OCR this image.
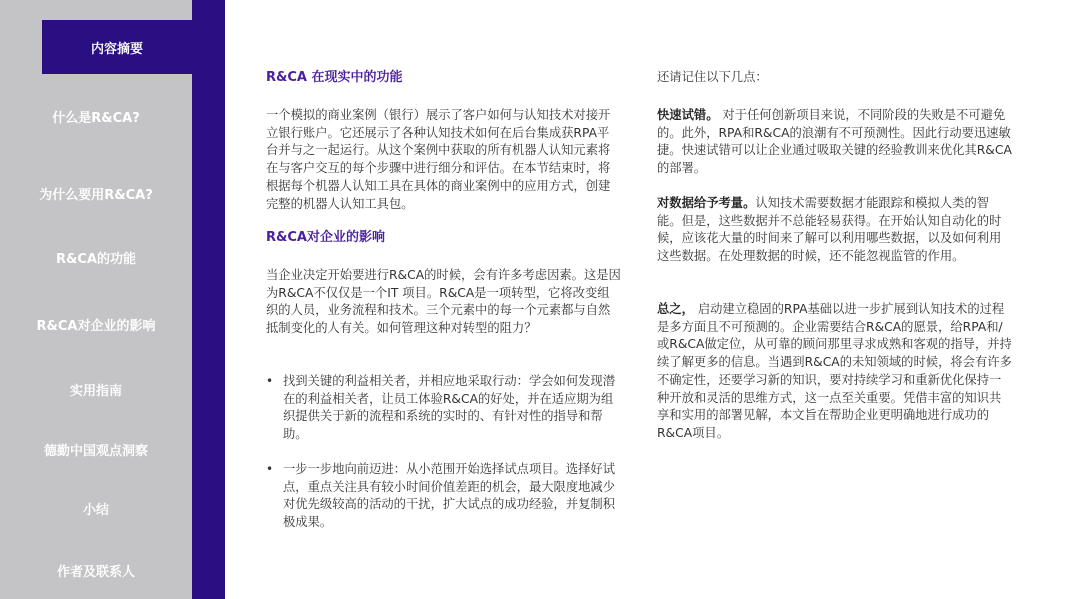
内容摘要
什么是R&CA?
为什么要用R&CA?
R&CA的功能
R&CA对企业的影响
实用指南
德勤中国观点洞察
小结
作者及联系人
R&CA 在现实中的功能

一个模拟的商业案例（银行）展示了客户如何与认知技术对接开立银行账户。它还展示了各种认知技术如何在后台集成获RPA平台并与之一起运行。从这个案例中获取的所有机器人认知元素将在与客户交互的每个步骤中进行细分和评估。在本节结束时，将根据每个机器人认知工具在具体的商业案例中的应用方式，创建完整的机器人认知工具包。

R&CA对企业的影响

当企业决定开始要进行R&CA的时候，会有许多考虑因素。这是因为R&CA不仅仅是一个IT 项目。R&CA是一项转型，它将改变组织的人员，业务流程和技术。三个元素中的每一个元素都与自然抵制变化的人有关。如何管理这种对转型的阻力？

• 找到关键的利益相关者，并相应地采取行动：学会如何发现潜在的利益相关者，让员工体验R&CA的好处，并在适应期为组织提供关于新的流程和系统的实时的、有针对性的指导和帮助。

• 一步一步地向前迈进：从小范围开始选择试点项目。选择好试点，重点关注具有较小时间价值差距的机会，最大限度地减少对优先级较高的活动的干扰，扩大试点的成功经验，并复制积极成果。

还请记住以下几点：

快速试错。 对于任何创新项目来说，不同阶段的失败是不可避免的。此外，RPA和R&CA的浪潮有不可预测性。因此行动要迅速敏捷。快速试错可以让企业通过吸取关键的经验教训来优化其R&CA的部署。

对数据给予考量。认知技术需要数据才能跟踪和模拟人类的智能。但是，这些数据并不总能轻易获得。在开始认知自动化的时候，应该花大量的时间来了解可以利用哪些数据，以及如何利用这些数据。在处理数据的时候，还不能忽视监管的作用。

总之， 启动建立稳固的RPA基础以进一步扩展到认知技术的过程是多方面且不可预测的。企业需要结合R&CA的愿景，给RPA和/或R&CA做定位，从可靠的顾问那里寻求成熟和客观的指导，并持续了解更多的信息。当遇到R&CA的未知领域的时候，将会有许多不确定性，还要学习新的知识，要对持续学习和重新优化保持一种开放和灵活的思维方式，这一点至关重要。凭借丰富的知识共享和实用的部署见解，本文旨在帮助企业更明确地进行成功的R&CA项目。
